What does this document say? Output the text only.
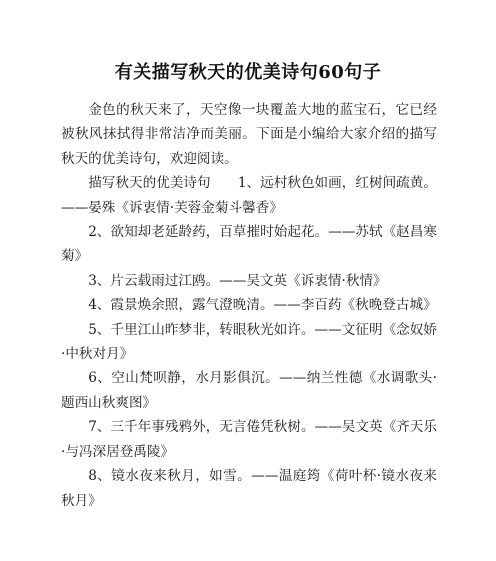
有关描写秋天的优美诗句60句子

金色的秋天来了，天空像一块覆盖大地的蓝宝石，它已经被秋风抹拭得非常洁净而美丽。下面是小编给大家介绍的描写秋天的优美诗句，欢迎阅读。

描写秋天的优美诗句　　1、远村秋色如画，红树间疏黄。——晏殊《诉衷情·芙蓉金菊斗馨香》

2、欲知却老延龄药，百草摧时始起花。——苏轼《赵昌寒菊》

3、片云载雨过江鸥。——吴文英《诉衷情·秋情》

4、霞景焕余照，露气澄晚清。——李百药《秋晚登古城》

5、千里江山昨梦非，转眼秋光如许。——文征明《念奴娇·中秋对月》

6、空山梵呗静，水月影俱沉。——纳兰性德《水调歌头·题西山秋爽图》

7、三千年事残鸦外，无言倦凭秋树。——吴文英《齐天乐·与冯深居登禹陵》

8、镜水夜来秋月，如雪。——温庭筠《荷叶杯·镜水夜来秋月》
